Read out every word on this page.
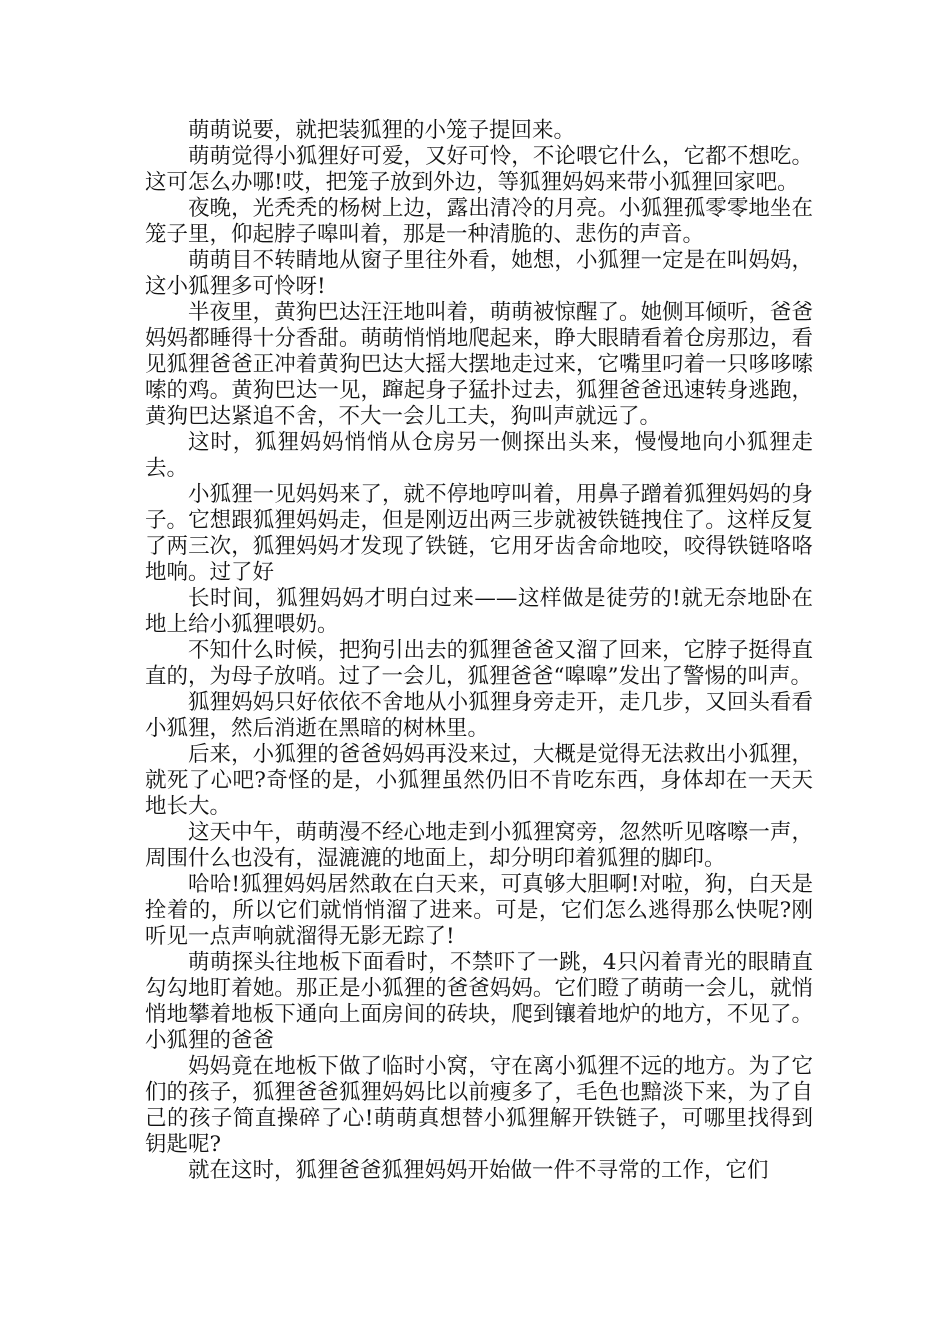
萌萌说要，就把装狐狸的小笼子提回来。

萌萌觉得小狐狸好可爱，又好可怜，不论喂它什么，它都不想吃。这可怎么办哪!哎，把笼子放到外边，等狐狸妈妈来带小狐狸回家吧。

夜晚，光秃秃的杨树上边，露出清冷的月亮。小狐狸孤零零地坐在笼子里，仰起脖子嗥叫着，那是一种清脆的、悲伤的声音。

萌萌目不转睛地从窗子里往外看，她想，小狐狸一定是在叫妈妈，这小狐狸多可怜呀!

半夜里，黄狗巴达汪汪地叫着，萌萌被惊醒了。她侧耳倾听，爸爸妈妈都睡得十分香甜。萌萌悄悄地爬起来，睁大眼睛看着仓房那边，看见狐狸爸爸正冲着黄狗巴达大摇大摆地走过来，它嘴里叼着一只哆哆嗦嗦的鸡。黄狗巴达一见，蹿起身子猛扑过去，狐狸爸爸迅速转身逃跑，黄狗巴达紧追不舍，不大一会儿工夫，狗叫声就远了。

这时，狐狸妈妈悄悄从仓房另一侧探出头来，慢慢地向小狐狸走去。

小狐狸一见妈妈来了，就不停地哼叫着，用鼻子蹭着狐狸妈妈的身子。它想跟狐狸妈妈走，但是刚迈出两三步就被铁链拽住了。这样反复了两三次，狐狸妈妈才发现了铁链，它用牙齿舍命地咬，咬得铁链咯咯地响。过了好

长时间，狐狸妈妈才明白过来——这样做是徒劳的!就无奈地卧在地上给小狐狸喂奶。

不知什么时候，把狗引出去的狐狸爸爸又溜了回来，它脖子挺得直直的，为母子放哨。过了一会儿，狐狸爸爸“嗥嗥”发出了警惕的叫声。

狐狸妈妈只好依依不舍地从小狐狸身旁走开，走几步，又回头看看小狐狸，然后消逝在黑暗的树林里。

后来，小狐狸的爸爸妈妈再没来过，大概是觉得无法救出小狐狸，就死了心吧?奇怪的是，小狐狸虽然仍旧不肯吃东西，身体却在一天天地长大。

这天中午，萌萌漫不经心地走到小狐狸窝旁，忽然听见喀嚓一声，周围什么也没有，湿漉漉的地面上，却分明印着狐狸的脚印。

哈哈!狐狸妈妈居然敢在白天来，可真够大胆啊!对啦，狗，白天是拴着的，所以它们就悄悄溜了进来。可是，它们怎么逃得那么快呢?刚听见一点声响就溜得无影无踪了!

萌萌探头往地板下面看时，不禁吓了一跳，4只闪着青光的眼睛直勾勾地盯着她。那正是小狐狸的爸爸妈妈。它们瞪了萌萌一会儿，就悄悄地攀着地板下通向上面房间的砖块，爬到镶着地炉的地方，不见了。小狐狸的爸爸

妈妈竟在地板下做了临时小窝，守在离小狐狸不远的地方。为了它们的孩子，狐狸爸爸狐狸妈妈比以前瘦多了，毛色也黯淡下来，为了自己的孩子简直操碎了心!萌萌真想替小狐狸解开铁链子，可哪里找得到钥匙呢?

就在这时，狐狸爸爸狐狸妈妈开始做一件不寻常的工作，它们
